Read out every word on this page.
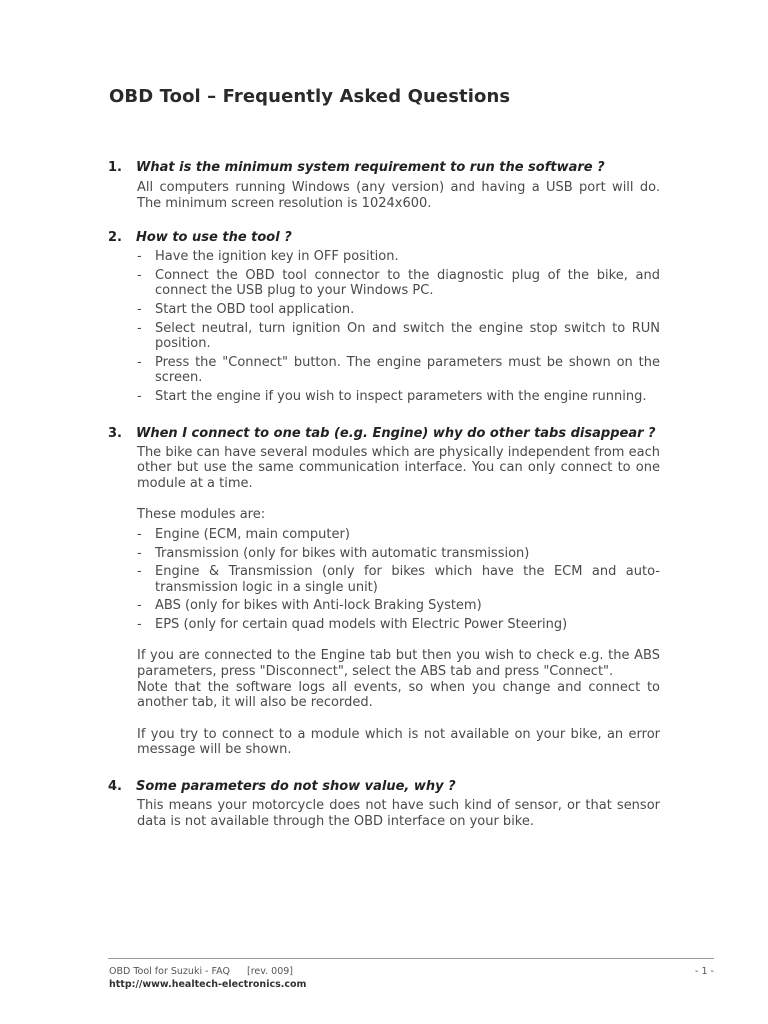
OBD Tool – Frequently Asked Questions
1.	What is the minimum system requirement to run the software ?

All computers running Windows (any version) and having a USB port will do. The minimum screen resolution is 1024x600.

2.	How to use the tool ?
-	Have the ignition key in OFF position.
-	Connect the OBD tool connector to the diagnostic plug of the bike, and connect the USB plug to your Windows PC.
-	Start the OBD tool application.
-	Select neutral, turn ignition On and switch the engine stop switch to RUN position.
-	Press the "Connect" button. The engine parameters must be shown on the screen.
-	Start the engine if you wish to inspect parameters with the engine running.
3.	When I connect to one tab (e.g. Engine) why do other tabs disappear ?

The bike can have several modules which are physically independent from each other but use the same communication interface. You can only connect to one module at a time.

These modules are:

-	Engine (ECM, main computer)
-	Transmission (only for bikes with automatic transmission)
-	Engine & Transmission (only for bikes which have the ECM and auto-transmission logic in a single unit)
-	ABS (only for bikes with Anti-lock Braking System)
-	EPS (only for certain quad models with Electric Power Steering)

If you are connected to the Engine tab but then you wish to check e.g. the ABS parameters, press "Disconnect", select the ABS tab and press "Connect".

Note that the software logs all events, so when you change and connect to another tab, it will also be recorded.

If you try to connect to a module which is not available on your bike, an error message will be shown.

4.	Some parameters do not show value, why ?

This means your motorcycle does not have such kind of sensor, or that sensor data is not available through the OBD interface on your bike.

OBD Tool for Suzuki - FAQ [rev. 009]
http://www.healtech-electronics.com
- 1 -
